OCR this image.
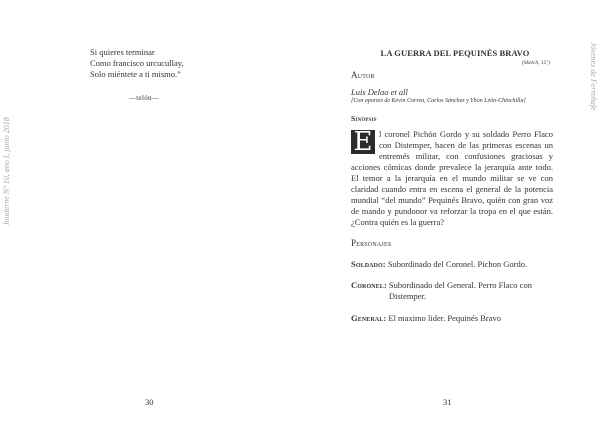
Inuderne Nº 10, ano I, junio 2018
Si quieres terminar
Como francisco urcucullay,
Solo miéntete a ti mismo.”
—telón—
30
Jóvenes de Ferreñafe
LA GUERRA DEL PEQUINÉS BRAVO
(Sketch, 15’)
Autor
Luis Delao et all
[Con aportes de Kevin Correa, Carlos Sánchez y Yhon León-Chinchilla]
Sinópsis
E l coronel Pichón Gordo y su soldado Perro Flaco con Distemper, hacen de las primeras escenas un entremés militar, con confusiones graciosas y acciones cómicas donde prevalece la jerarquía ante todo. El temor a la jerarquía en el mundo militar se ve con claridad cuando entra en escena el general de la potencia mundial “del mundo” Pequinés Bravo, quién con gran voz de mando y pundonor va reforzar la tropa en el que están. ¿Contra quién es la guerra?
Personajes
Soldado: Subordinado del Coronel. Pichon Gordo.
Coronel: Subordinado del General. Perro Flaco con Distemper.
General: El maximo lider. Pequinés Bravo
31
